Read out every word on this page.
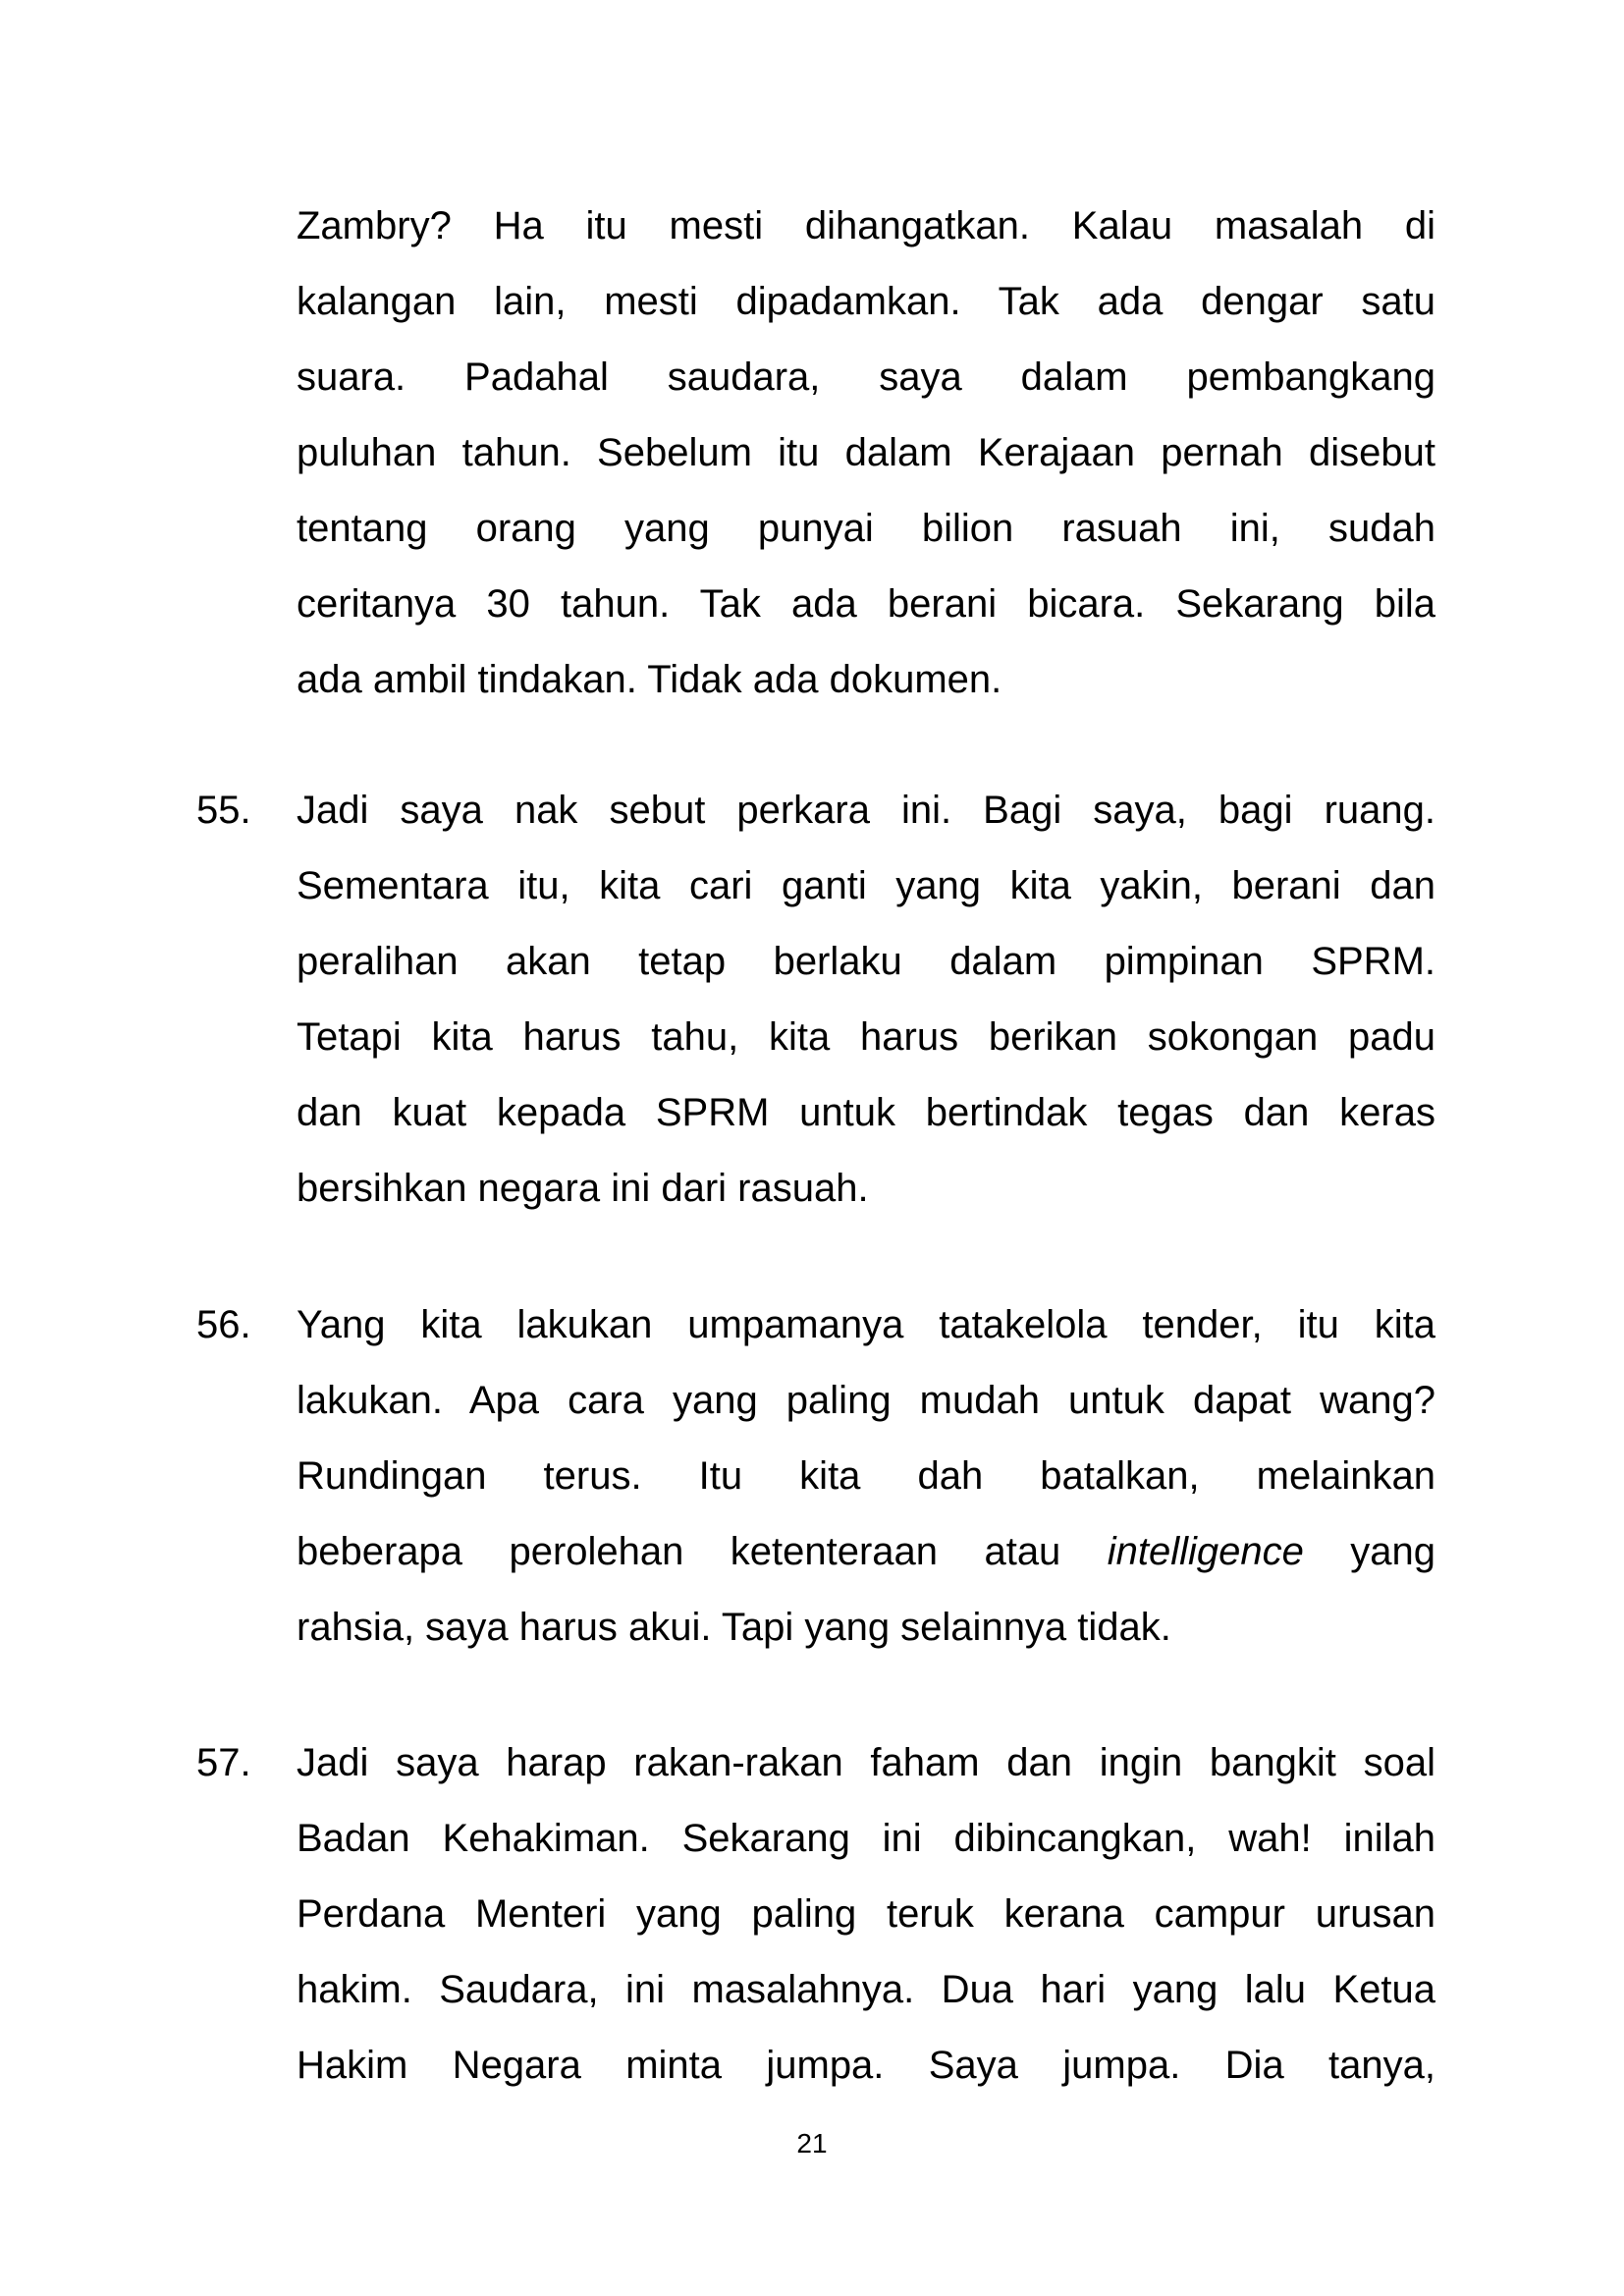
Zambry? Ha itu mesti dihangatkan. Kalau masalah di
kalangan lain, mesti dipadamkan. Tak ada dengar satu
suara. Padahal saudara, saya dalam pembangkang
puluhan tahun. Sebelum itu dalam Kerajaan pernah disebut
tentang orang yang punyai bilion rasuah ini, sudah
ceritanya 30 tahun. Tak ada berani bicara. Sekarang bila
ada ambil tindakan. Tidak ada dokumen.
55. Jadi saya nak sebut perkara ini. Bagi saya, bagi ruang.
Sementara itu, kita cari ganti yang kita yakin, berani dan
peralihan akan tetap berlaku dalam pimpinan SPRM.
Tetapi kita harus tahu, kita harus berikan sokongan padu
dan kuat kepada SPRM untuk bertindak tegas dan keras
bersihkan negara ini dari rasuah.
56. Yang kita lakukan umpamanya tatakelola tender, itu kita
lakukan. Apa cara yang paling mudah untuk dapat wang?
Rundingan terus. Itu kita dah batalkan, melainkan
beberapa perolehan ketenteraan atau intelligence yang
rahsia, saya harus akui. Tapi yang selainnya tidak.
57. Jadi saya harap rakan-rakan faham dan ingin bangkit soal
Badan Kehakiman. Sekarang ini dibincangkan, wah! inilah
Perdana Menteri yang paling teruk kerana campur urusan
hakim. Saudara, ini masalahnya. Dua hari yang lalu Ketua
Hakim Negara minta jumpa. Saya jumpa. Dia tanya,
21
